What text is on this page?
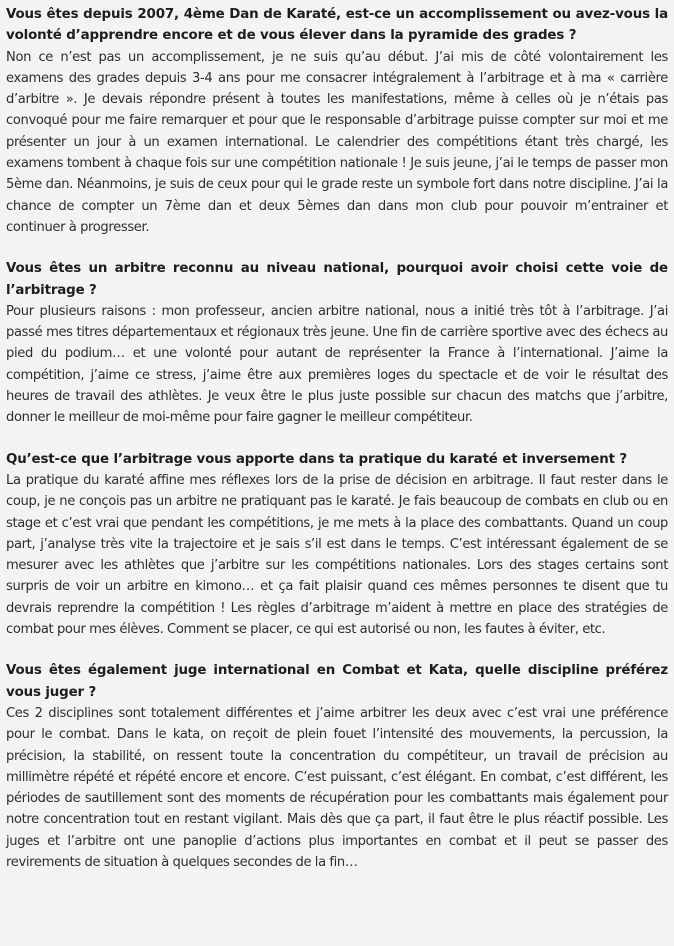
Vous êtes depuis 2007, 4ème Dan de Karaté, est-ce un accomplissement ou avez-vous la volonté d’apprendre encore et de vous élever dans la pyramide des grades ?

Non ce n’est pas un accomplissement, je ne suis qu’au début. J’ai mis de côté volontairement les examens des grades depuis 3-4 ans pour me consacrer intégralement à l’arbitrage et à ma « carrière d’arbitre ». Je devais répondre présent à toutes les manifestations, même à celles où je n’étais pas convoqué pour me faire remarquer et pour que le responsable d’arbitrage puisse compter sur moi et me présenter un jour à un examen international. Le calendrier des compétitions étant très chargé, les examens tombent à chaque fois sur une compétition nationale ! Je suis jeune, j’ai le temps de passer mon 5ème dan. Néanmoins, je suis de ceux pour qui le grade reste un symbole fort dans notre discipline. J’ai la chance de compter un 7ème dan et deux 5èmes dan dans mon club pour pouvoir m’entrainer et continuer à progresser.

Vous êtes un arbitre reconnu au niveau national, pourquoi avoir choisi cette voie de l’arbitrage ?

Pour plusieurs raisons : mon professeur, ancien arbitre national, nous a initié très tôt à l’arbitrage. J’ai passé mes titres départementaux et régionaux très jeune. Une fin de carrière sportive avec des échecs au pied du podium… et une volonté pour autant de représenter la France à l’international. J’aime la compétition, j’aime ce stress, j’aime être aux premières loges du spectacle et de voir le résultat des heures de travail des athlètes. Je veux être le plus juste possible sur chacun des matchs que j’arbitre, donner le meilleur de moi-même pour faire gagner le meilleur compétiteur.

Qu’est-ce que l’arbitrage vous apporte dans ta pratique du karaté et inversement ?

La pratique du karaté affine mes réflexes lors de la prise de décision en arbitrage. Il faut rester dans le coup, je ne conçois pas un arbitre ne pratiquant pas le karaté. Je fais beaucoup de combats en club ou en stage et c’est vrai que pendant les compétitions, je me mets à la place des combattants. Quand un coup part, j’analyse très vite la trajectoire et je sais s’il est dans le temps. C’est intéressant également de se mesurer avec les athlètes que j’arbitre sur les compétitions nationales. Lors des stages certains sont surpris de voir un arbitre en kimono… et ça fait plaisir quand ces mêmes personnes te disent que tu devrais reprendre la compétition ! Les règles d’arbitrage m’aident à mettre en place des stratégies de combat pour mes élèves. Comment se placer, ce qui est autorisé ou non, les fautes à éviter, etc.

Vous êtes également juge international en Combat et Kata, quelle discipline préférez vous juger ?

Ces 2 disciplines sont totalement différentes et j’aime arbitrer les deux avec c’est vrai une préférence pour le combat. Dans le kata, on reçoit de plein fouet l’intensité des mouvements, la percussion, la précision, la stabilité, on ressent toute la concentration du compétiteur, un travail de précision au millimètre répété et répété encore et encore. C’est puissant, c’est élégant. En combat, c’est différent, les périodes de sautillement sont des moments de récupération pour les combattants mais également pour notre concentration tout en restant vigilant. Mais dès que ça part, il faut être le plus réactif possible. Les juges et l’arbitre ont une panoplie d’actions plus importantes en combat et il peut se passer des revirements de situation à quelques secondes de la fin…
